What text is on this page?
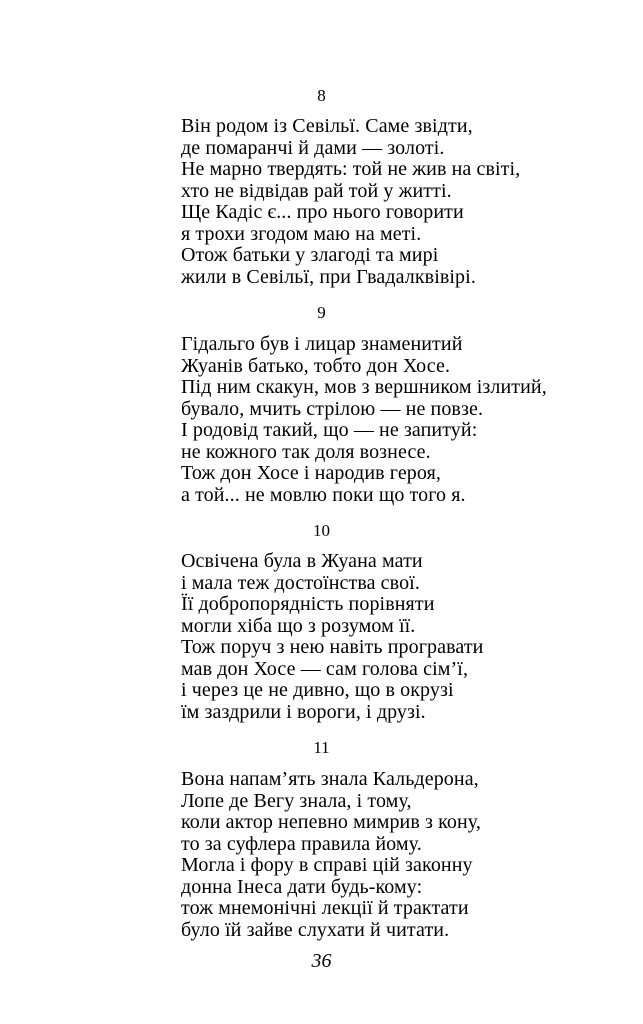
8
Він родом із Севільї. Саме звідти,
де помаранчі й дами — золоті.
Не марно твердять: той не жив на світі,
хто не відвідав рай той у житті.
Ще Кадіс є... про нього говорити
я трохи згодом маю на меті.
Отож батьки у злагоді та мирі
жили в Севільї, при Гвадалквівірі.
9
Гідальго був і лицар знаменитий
Жуанів батько, тобто дон Хосе.
Під ним скакун, мов з вершником ізлитий,
бувало, мчить стрілою — не повзе.
І родовід такий, що — не запитуй:
не кожного так доля вознесе.
Тож дон Хосе і народив героя,
а той... не мовлю поки що того я.
10
Освічена була в Жуана мати
і мала теж достоїнства свої.
Її добропорядність порівняти
могли хіба що з розумом її.
Тож поруч з нею навіть програвати
мав дон Хосе — сам голова сім’ї,
і через це не дивно, що в окрузі
їм заздрили і вороги, і друзі.
11
Вона напам’ять знала Кальдерона,
Лопе де Вегу знала, і тому,
коли актор непевно мимрив з кону,
то за суфлера правила йому.
Могла і фору в справі цій законну
донна Інеса дати будь-кому:
тож мнемонічні лекції й трактати
було їй зайве слухати й читати.
36
